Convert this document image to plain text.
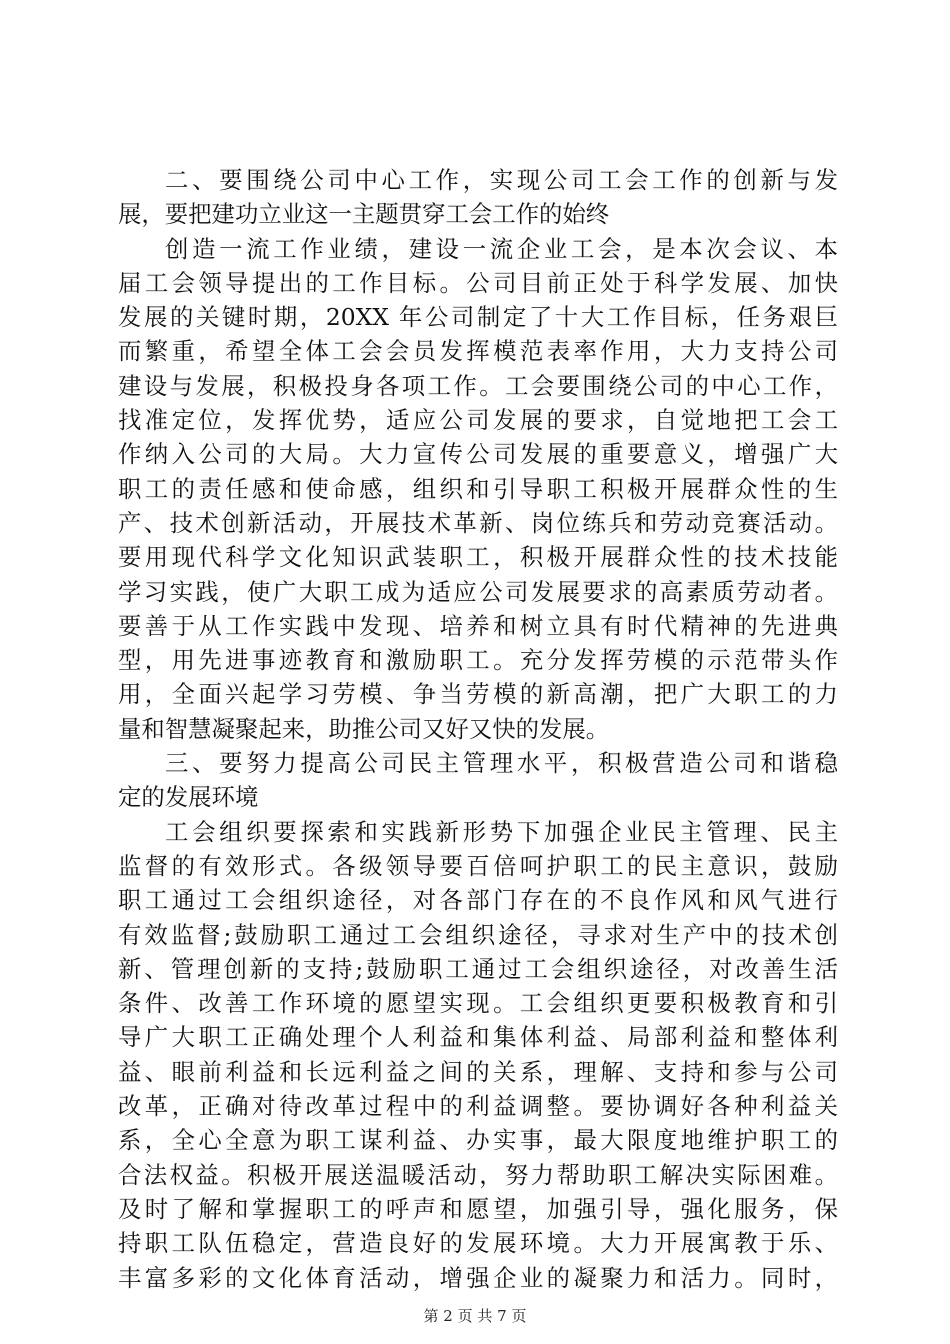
二、要围绕公司中心工作，实现公司工会工作的创新与发
展，要把建功立业这一主题贯穿工会工作的始终
创造一流工作业绩，建设一流企业工会，是本次会议、本
届工会领导提出的工作目标。公司目前正处于科学发展、加快
发展的关键时期，20XX 年公司制定了十大工作目标，任务艰巨
而繁重，希望全体工会会员发挥模范表率作用，大力支持公司
建设与发展，积极投身各项工作。工会要围绕公司的中心工作，
找准定位，发挥优势，适应公司发展的要求，自觉地把工会工
作纳入公司的大局。大力宣传公司发展的重要意义，增强广大
职工的责任感和使命感，组织和引导职工积极开展群众性的生
产、技术创新活动，开展技术革新、岗位练兵和劳动竞赛活动。
要用现代科学文化知识武装职工，积极开展群众性的技术技能
学习实践，使广大职工成为适应公司发展要求的高素质劳动者。
要善于从工作实践中发现、培养和树立具有时代精神的先进典
型，用先进事迹教育和激励职工。充分发挥劳模的示范带头作
用，全面兴起学习劳模、争当劳模的新高潮，把广大职工的力
量和智慧凝聚起来，助推公司又好又快的发展。
三、要努力提高公司民主管理水平，积极营造公司和谐稳
定的发展环境
工会组织要探索和实践新形势下加强企业民主管理、民主
监督的有效形式。各级领导要百倍呵护职工的民主意识，鼓励
职工通过工会组织途径，对各部门存在的不良作风和风气进行
有效监督;鼓励职工通过工会组织途径，寻求对生产中的技术创
新、管理创新的支持;鼓励职工通过工会组织途径，对改善生活
条件、改善工作环境的愿望实现。工会组织更要积极教育和引
导广大职工正确处理个人利益和集体利益、局部利益和整体利
益、眼前利益和长远利益之间的关系，理解、支持和参与公司
改革，正确对待改革过程中的利益调整。要协调好各种利益关
系，全心全意为职工谋利益、办实事，最大限度地维护职工的
合法权益。积极开展送温暖活动，努力帮助职工解决实际困难。
及时了解和掌握职工的呼声和愿望，加强引导，强化服务，保
持职工队伍稳定，营造良好的发展环境。大力开展寓教于乐、
丰富多彩的文化体育活动，增强企业的凝聚力和活力。同时，
第 2 页 共 7 页
